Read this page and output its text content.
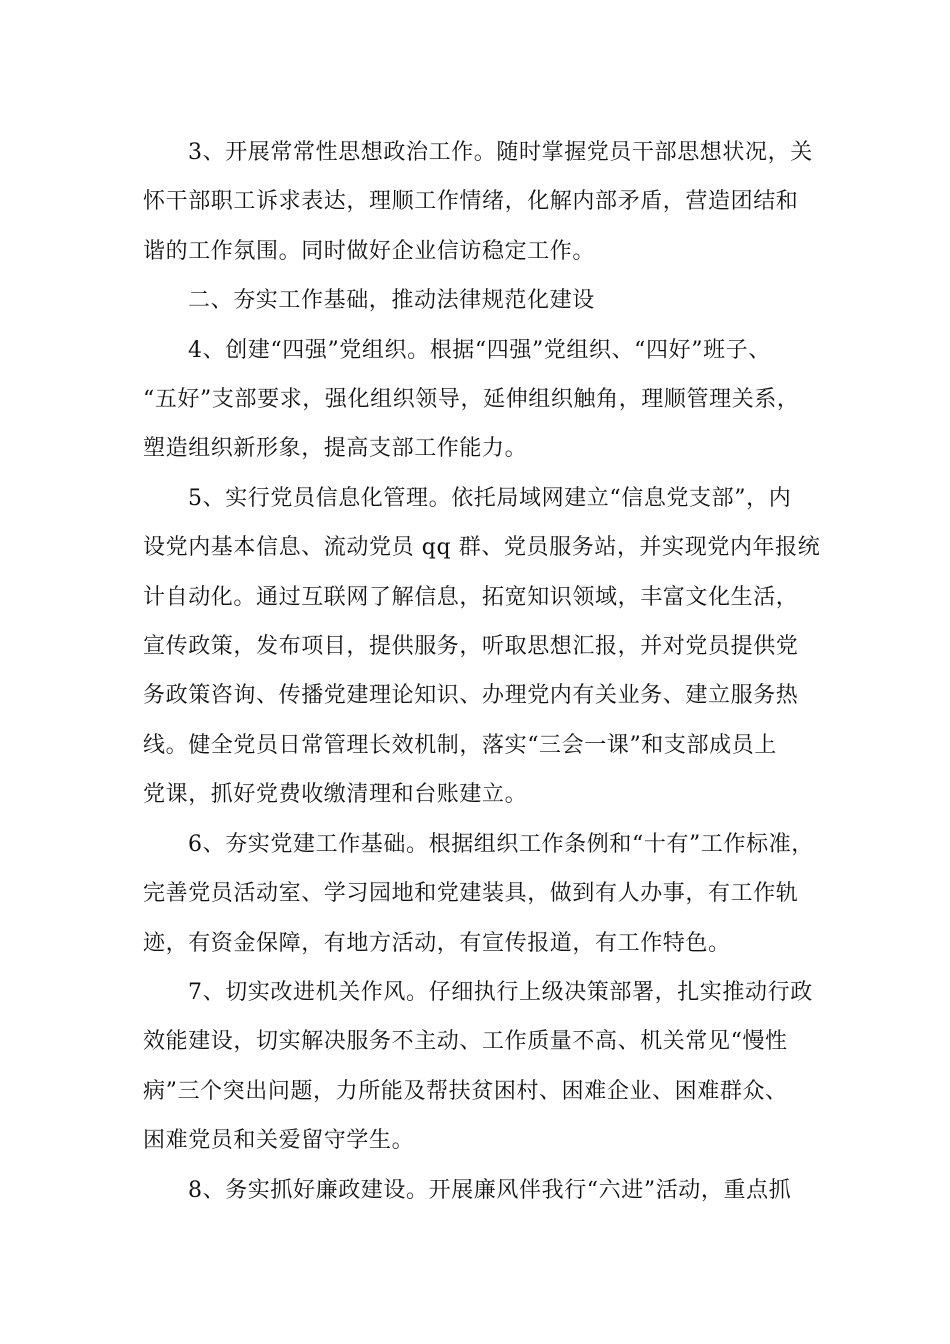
3、开展常常性思想政治工作。随时掌握党员干部思想状况，关
怀干部职工诉求表达，理顺工作情绪，化解内部矛盾，营造团结和
谐的工作氛围。同时做好企业信访稳定工作。

二、夯实工作基础，推动法律规范化建设

4、创建“四强”党组织。根据“四强”党组织、“四好”班子、
“五好”支部要求，强化组织领导，延伸组织触角，理顺管理关系，
塑造组织新形象，提高支部工作能力。

5、实行党员信息化管理。依托局域网建立“信息党支部”，内
设党内基本信息、流动党员 qq 群、党员服务站，并实现党内年报统
计自动化。通过互联网了解信息，拓宽知识领域，丰富文化生活，
宣传政策，发布项目，提供服务，听取思想汇报，并对党员提供党
务政策咨询、传播党建理论知识、办理党内有关业务、建立服务热
线。健全党员日常管理长效机制，落实“三会一课”和支部成员上
党课，抓好党费收缴清理和台账建立。

6、夯实党建工作基础。根据组织工作条例和“十有”工作标准，
完善党员活动室、学习园地和党建装具，做到有人办事，有工作轨
迹，有资金保障，有地方活动，有宣传报道，有工作特色。

7、切实改进机关作风。仔细执行上级决策部署，扎实推动行政
效能建设，切实解决服务不主动、工作质量不高、机关常见“慢性
病”三个突出问题，力所能及帮扶贫困村、困难企业、困难群众、
困难党员和关爱留守学生。

8、务实抓好廉政建设。开展廉风伴我行“六进”活动，重点抓
